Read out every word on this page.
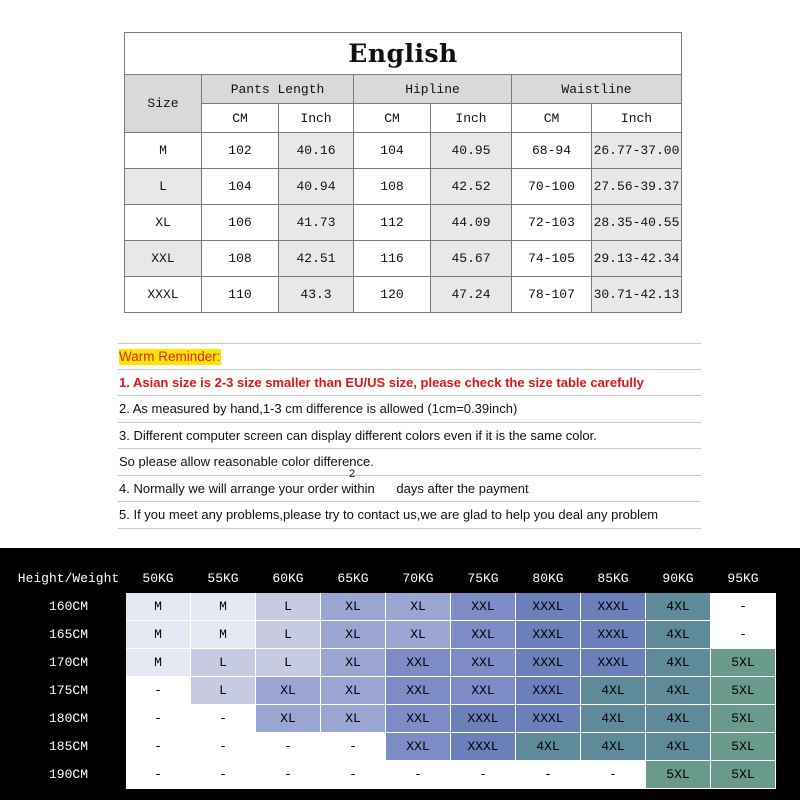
English						
Size	Pants Length		Hipline		Waistline	
	CM	Inch	CM	Inch	CM	Inch
M	102	40.16	104	40.95	68-94	26.77-37.00
L	104	40.94	108	42.52	70-100	27.56-39.37
XL	106	41.73	112	44.09	72-103	28.35-40.55
XXL	108	42.51	116	45.67	74-105	29.13-42.34
XXXL	110	43.3	120	47.24	78-107	30.71-42.13
Warm Reminder:
1. Asian size is 2-3 size smaller than EU/US size, please check the size table carefully
2. As measured by hand,1-3 cm difference is allowed (1cm=0.39inch)
3. Different computer screen can display different colors even if it is the same color.
So please allow reasonable color difference.
4. Normally we will arrange your order within
2
days after the payment
5. If you meet any problems,please try to contact us,we are glad to help you deal any problem
Height/Weight	50KG	55KG	60KG	65KG	70KG	75KG	80KG	85KG	90KG	95KG
160CM	M	M	L	XL	XL	XXL	XXXL	XXXL	4XL	-
165CM	M	M	L	XL	XL	XXL	XXXL	XXXL	4XL	-
170CM	M	L	L	XL	XXL	XXL	XXXL	XXXL	4XL	5XL
175CM	-	L	XL	XL	XXL	XXL	XXXL	4XL	4XL	5XL
180CM	-	-	XL	XL	XXL	XXXL	XXXL	4XL	4XL	5XL
185CM	-	-	-	-	XXL	XXXL	4XL	4XL	4XL	5XL
190CM	-	-	-	-	-	-	-	-	5XL	5XL
